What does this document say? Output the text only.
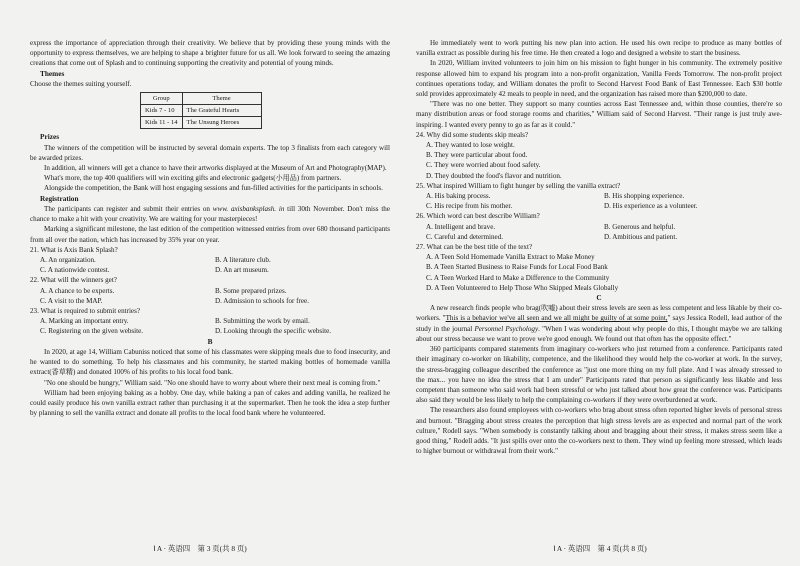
express the importance of appreciation through their creativity. We believe that by providing these young minds with the opportunity to express themselves, we are helping to shape a brighter future for us all. We look forward to seeing the amazing creations that come out of Splash and to continuing supporting the creativity and potential of young minds.

Themes

Choose the themes suiting yourself.

Group	Theme
Kids 7 - 10	The Grateful Hearts
Kids 11 - 14	The Unsung Heroes

Prizes

The winners of the competition will be instructed by several domain experts. The top 3 finalists from each category will be awarded prizes.

In addition, all winners will get a chance to have their artworks displayed at the Museum of Art and Photography(MAP).

What's more, the top 400 qualifiers will win exciting gifts and electronic gadgets(小用品) from partners.

Alongside the competition, the Bank will host engaging sessions and fun-filled activities for the participants in schools.

Registration

The participants can register and submit their entries on www. axisbanksplash. in till 30th November. Don't miss the chance to make a hit with your creativity. We are waiting for your masterpieces!

Marking a significant milestone, the last edition of the competition witnessed entries from over 680 thousand participants from all over the nation, which has increased by 35% year on year.

21. What is Axis Bank Splash?

A. An organization.	B. A literature club.
C. A nationwide contest.	D. An art museum.

22. What will the winners get?

A. A chance to be experts.	B. Some prepared prizes.
C. A visit to the MAP.	D. Admission to schools for free.

23. What is required to submit entries?

A. Marking an important entry.	B. Submitting the work by email.
C. Registering on the given website.	D. Looking through the specific website.

B

In 2020, at age 14, William Cabuniss noticed that some of his classmates were skipping meals due to food insecurity, and he wanted to do something. To help his classmates and his community, he started making bottles of homemade vanilla extract(香草精) and donated 100% of his profits to his local food bank.

"No one should be hungry," William said. "No one should have to worry about where their next meal is coming from."

William had been enjoying baking as a hobby. One day, while baking a pan of cakes and adding vanilla, he realized he could easily produce his own vanilla extract rather than purchasing it at the supermarket. Then he took the idea a step further by planning to sell the vanilla extract and donate all profits to the local food bank where he volunteered.

Ⅰ A · 英语四　第 3 页(共 8 页)

He immediately went to work putting his new plan into action. He used his own recipe to produce as many bottles of vanilla extract as possible during his free time. He then created a logo and designed a website to start the business.

In 2020, William invited volunteers to join him on his mission to fight hunger in his community. The extremely positive response allowed him to expand his program into a non-profit organization, Vanilla Feeds Tomorrow. The non-profit project continues operations today, and William donates the profit to Second Harvest Food Bank of East Tennessee. Each $30 bottle sold provides approximately 42 meals to people in need, and the organization has raised more than $200,000 to date.

"There was no one better. They support so many counties across East Tennessee and, within those counties, there're so many distribution areas or food storage rooms and charities," William said of Second Harvest. "Their range is just truly awe-inspiring. I wanted every penny to go as far as it could."

24. Why did some students skip meals?

A. They wanted to lose weight.
B. They were particular about food.
C. They were worried about food safety.
D. They doubted the food's flavor and nutrition.

25. What inspired William to fight hunger by selling the vanilla extract?

A. His baking process.	B. His shopping experience.
C. His recipe from his mother.	D. His experience as a volunteer.

26. Which word can best describe William?

A. Intelligent and brave.	B. Generous and helpful.
C. Careful and determined.	D. Ambitious and patient.

27. What can be the best title of the text?

A. A Teen Sold Homemade Vanilla Extract to Make Money
B. A Teen Started Business to Raise Funds for Local Food Bank
C. A Teen Worked Hard to Make a Difference to the Community
D. A Teen Volunteered to Help Those Who Skipped Meals Globally

C

A new research finds people who brag(吹嘘) about their stress levels are seen as less competent and less likable by their co-workers. "This is a behavior we've all seen and we all might be guilty of at some point," says Jessica Rodell, lead author of the study in the journal Personnel Psychology. "When I was wondering about why people do this, I thought maybe we are talking about our stress because we want to prove we're good enough. We found out that often has the opposite effect."

360 participants compared statements from imaginary co-workers who just returned from a conference. Participants rated their imaginary co-worker on likability, competence, and the likelihood they would help the co-worker at work. In the survey, the stress-bragging colleague described the conference as "just one more thing on my full plate. And I was already stressed to the max... you have no idea the stress that I am under" Participants rated that person as significantly less likable and less competent than someone who said work had been stressful or who just talked about how great the conference was. Participants also said they would be less likely to help the complaining co-workers if they were overburdened at work.

The researchers also found employees with co-workers who brag about stress often reported higher levels of personal stress and burnout. "Bragging about stress creates the perception that high stress levels are as expected and normal part of the work culture," Rodell says. "When somebody is constantly talking about and bragging about their stress, it makes stress seem like a good thing," Rodell adds. "It just spills over onto the co-workers next to them. They wind up feeling more stressed, which leads to higher burnout or withdrawal from their work."

Ⅰ A · 英语四　第 4 页(共 8 页)
